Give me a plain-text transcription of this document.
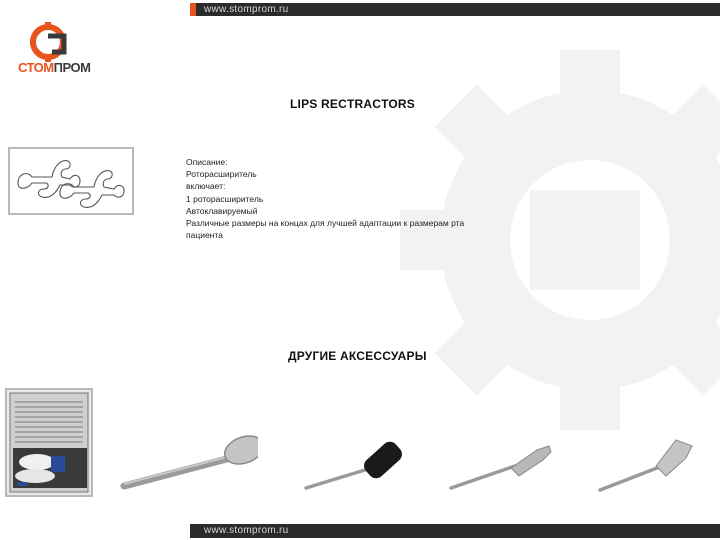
www.stomprom.ru
СТОМПРОМ
LIPS RECTRACTORS
Описание:
Роторасширитель
включает:
1 роторасширитель
Автоклавируемый
Различные размеры на концах для лучшей адаптации к размерам рта
пациента
ДРУГИЕ АКСЕССУАРЫ
www.stomprom.ru
